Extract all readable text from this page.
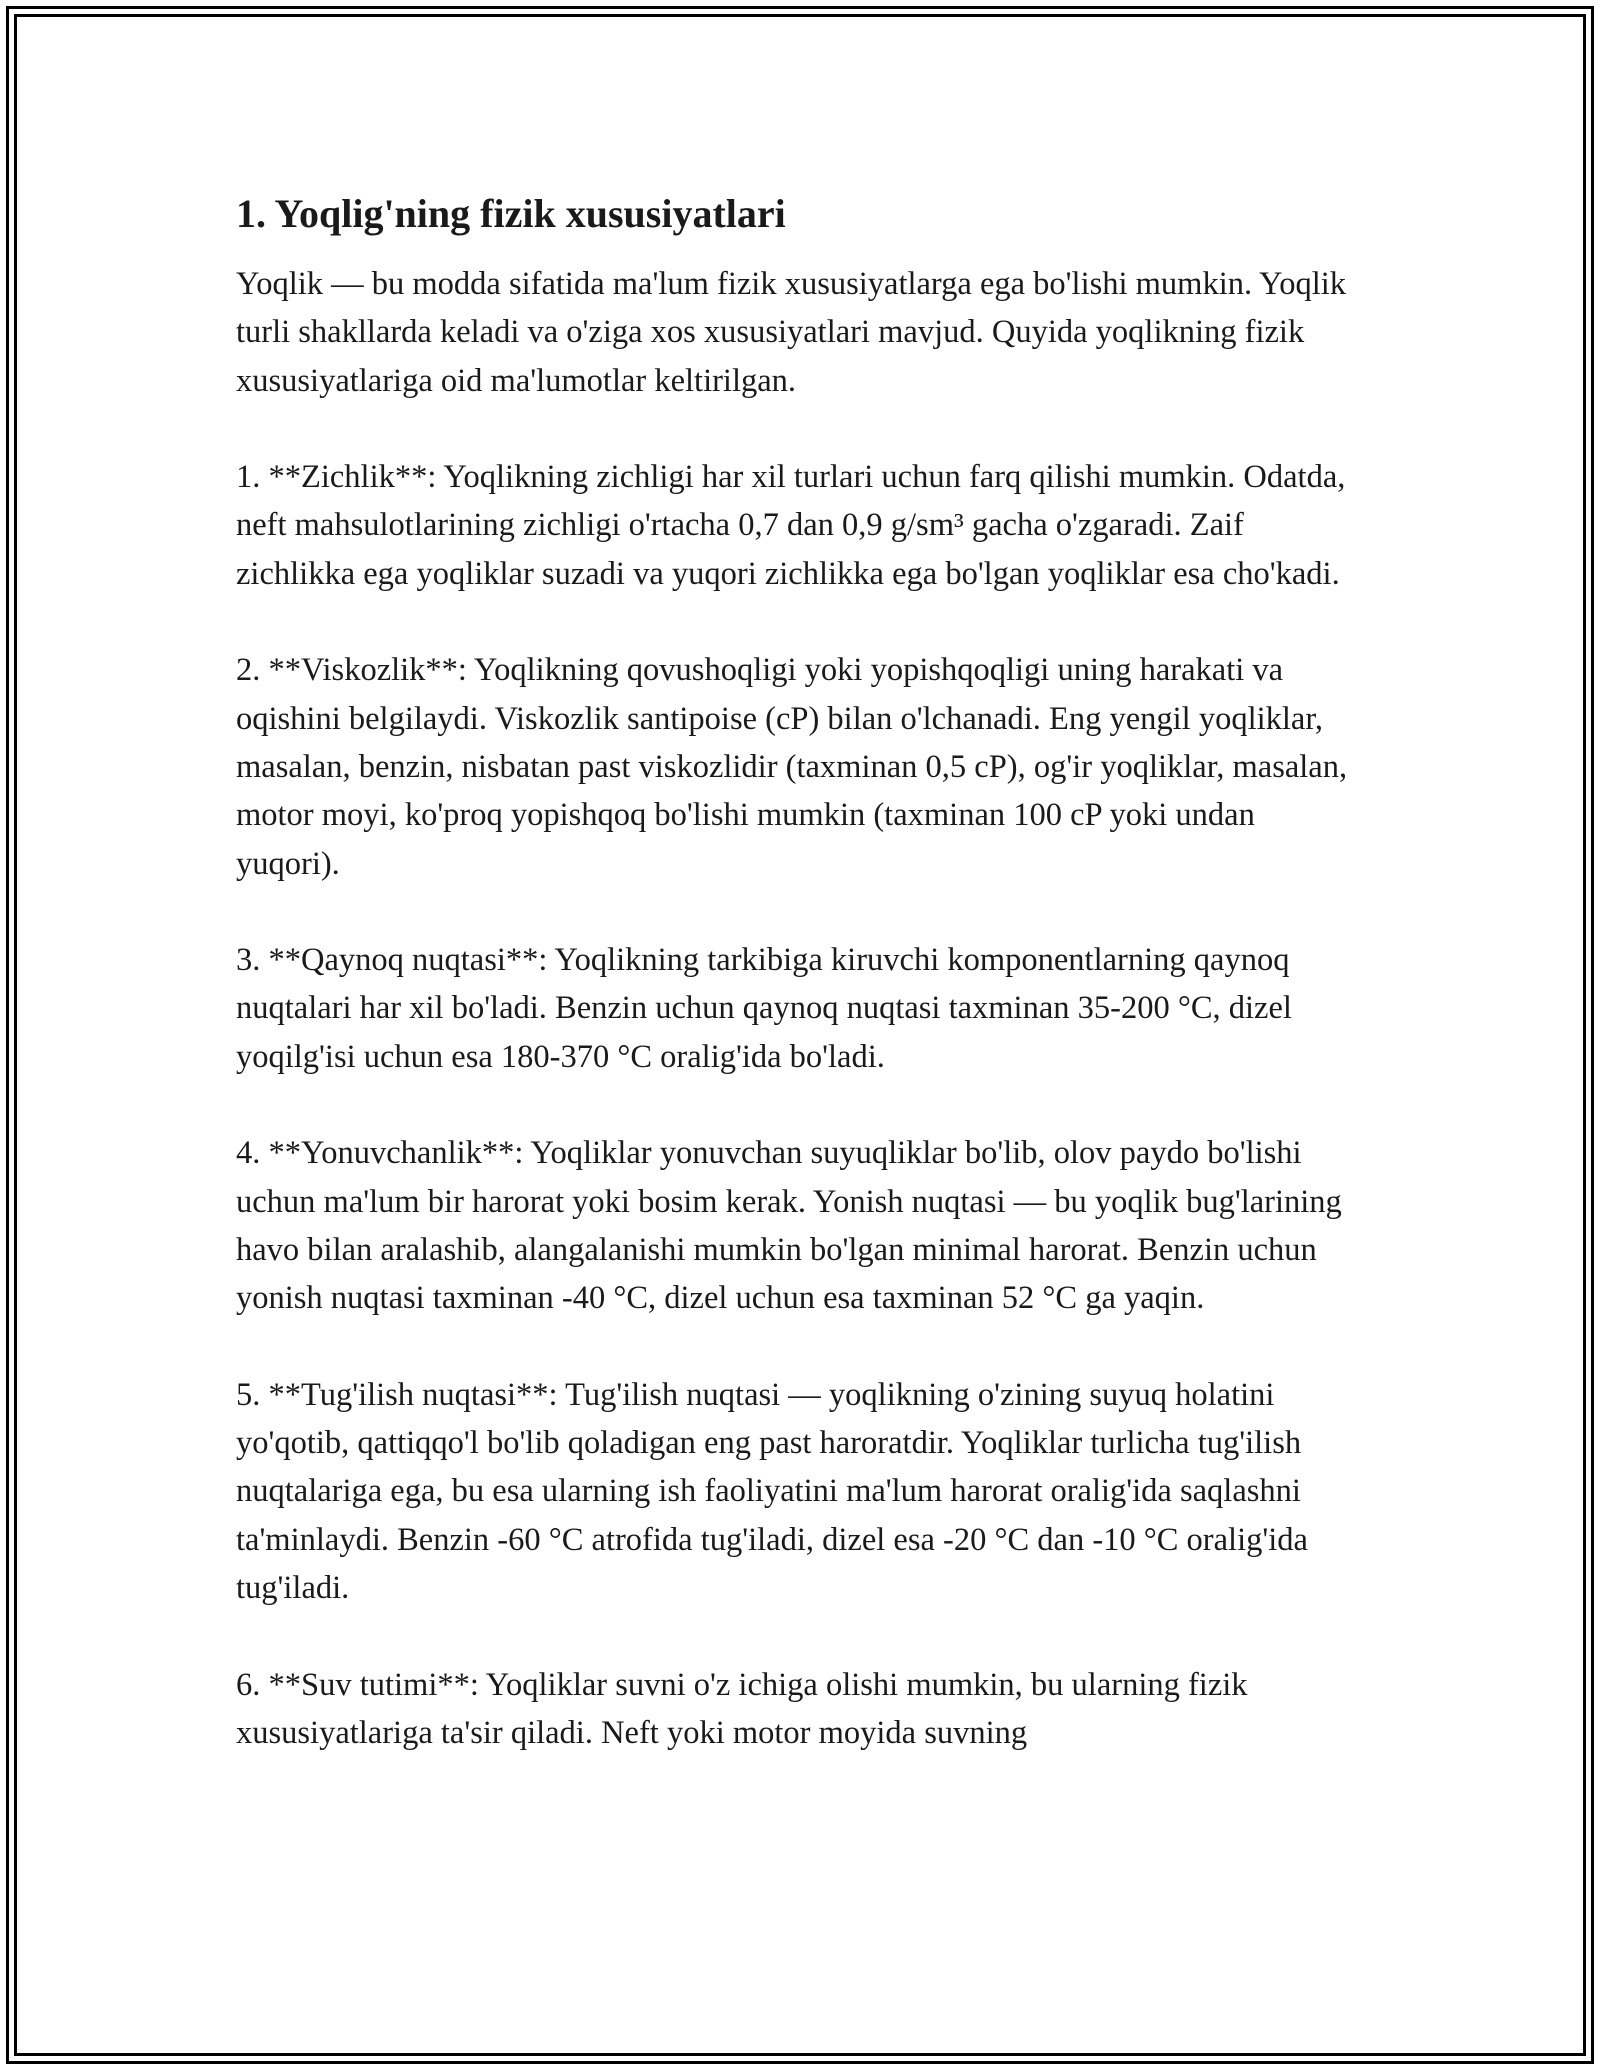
1. Yoqlig'ning fizik xususiyatlari

Yoqlik — bu modda sifatida ma'lum fizik xususiyatlarga ega bo'lishi mumkin. Yoqlik turli shakllarda keladi va o'ziga xos xususiyatlari mavjud. Quyida yoqlikning fizik xususiyatlariga oid ma'lumotlar keltirilgan.

1. **Zichlik**: Yoqlikning zichligi har xil turlari uchun farq qilishi mumkin. Odatda, neft mahsulotlarining zichligi o'rtacha 0,7 dan 0,9 g/sm³ gacha o'zgaradi. Zaif zichlikka ega yoqliklar suzadi va yuqori zichlikka ega bo'lgan yoqliklar esa cho'kadi.

2. **Viskozlik**: Yoqlikning qovushoqligi yoki yopishqoqligi uning harakati va oqishini belgilaydi. Viskozlik santipoise (cP) bilan o'lchanadi. Eng yengil yoqliklar, masalan, benzin, nisbatan past viskozlidir (taxminan 0,5 cP), og'ir yoqliklar, masalan, motor moyi, ko'proq yopishqoq bo'lishi mumkin (taxminan 100 cP yoki undan yuqori).

3. **Qaynoq nuqtasi**: Yoqlikning tarkibiga kiruvchi komponentlarning qaynoq nuqtalari har xil bo'ladi. Benzin uchun qaynoq nuqtasi taxminan 35-200 °C, dizel yoqilg'isi uchun esa 180-370 °C oralig'ida bo'ladi.

4. **Yonuvchanlik**: Yoqliklar yonuvchan suyuqliklar bo'lib, olov paydo bo'lishi uchun ma'lum bir harorat yoki bosim kerak. Yonish nuqtasi — bu yoqlik bug'larining havo bilan aralashib, alangalanishi mumkin bo'lgan minimal harorat. Benzin uchun yonish nuqtasi taxminan -40 °C, dizel uchun esa taxminan 52 °C ga yaqin.

5. **Tug'ilish nuqtasi**: Tug'ilish nuqtasi — yoqlikning o'zining suyuq holatini yo'qotib, qattiqqo'l bo'lib qoladigan eng past haroratdir. Yoqliklar turlicha tug'ilish nuqtalariga ega, bu esa ularning ish faoliyatini ma'lum harorat oralig'ida saqlashni ta'minlaydi. Benzin -60 °C atrofida tug'iladi, dizel esa -20 °C dan -10 °C oralig'ida tug'iladi.

6. **Suv tutimi**: Yoqliklar suvni o'z ichiga olishi mumkin, bu ularning fizik xususiyatlariga ta'sir qiladi. Neft yoki motor moyida suvning
